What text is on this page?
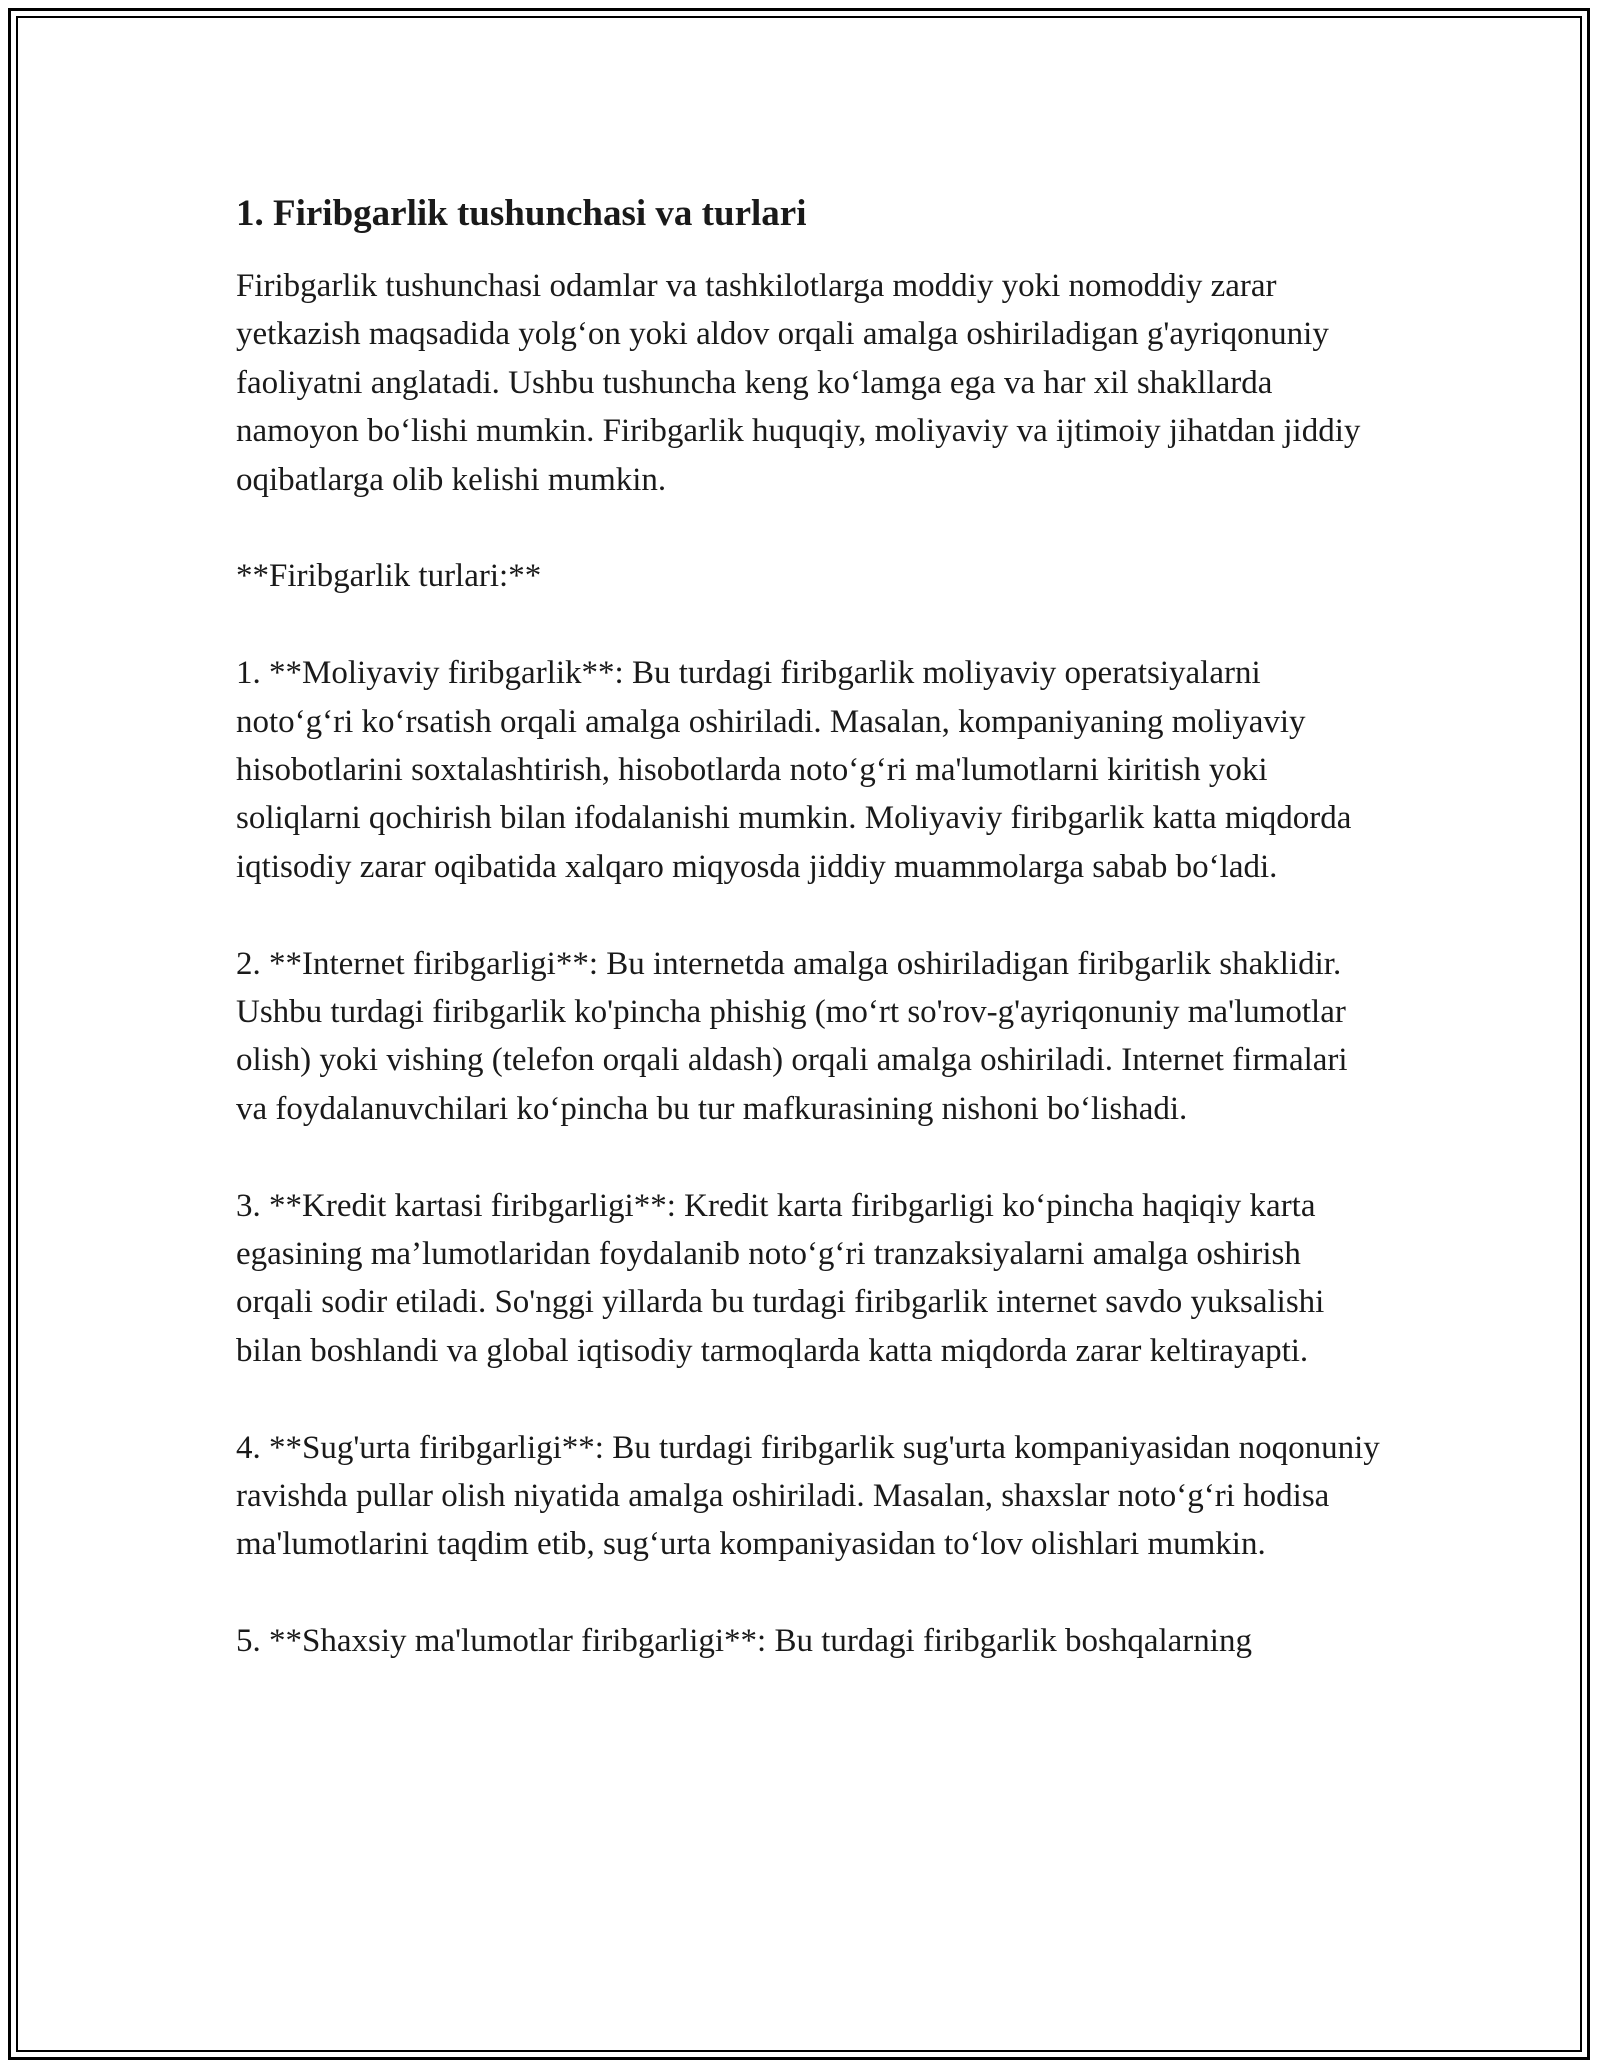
1. Firibgarlik tushunchasi va turlari

Firibgarlik tushunchasi odamlar va tashkilotlarga moddiy yoki nomoddiy zarar yetkazish maqsadida yolg‘on yoki aldov orqali amalga oshiriladigan g'ayriqonuniy faoliyatni anglatadi. Ushbu tushuncha keng ko‘lamga ega va har xil shakllarda namoyon bo‘lishi mumkin. Firibgarlik huquqiy, moliyaviy va ijtimoiy jihatdan jiddiy oqibatlarga olib kelishi mumkin.

**Firibgarlik turlari:**

1. **Moliyaviy firibgarlik**: Bu turdagi firibgarlik moliyaviy operatsiyalarni noto‘g‘ri ko‘rsatish orqali amalga oshiriladi. Masalan, kompaniyaning moliyaviy hisobotlarini soxtalashtirish, hisobotlarda noto‘g‘ri ma'lumotlarni kiritish yoki soliqlarni qochirish bilan ifodalanishi mumkin. Moliyaviy firibgarlik katta miqdorda iqtisodiy zarar oqibatida xalqaro miqyosda jiddiy muammolarga sabab bo‘ladi.

2. **Internet firibgarligi**: Bu internetda amalga oshiriladigan firibgarlik shaklidir. Ushbu turdagi firibgarlik ko'pincha phishig (mo‘rt so'rov-g'ayriqonuniy ma'lumotlar olish) yoki vishing (telefon orqali aldash) orqali amalga oshiriladi. Internet firmalari va foydalanuvchilari ko‘pincha bu tur mafkurasining nishoni bo‘lishadi.

3. **Kredit kartasi firibgarligi**: Kredit karta firibgarligi ko‘pincha haqiqiy karta egasining ma’lumotlaridan foydalanib noto‘g‘ri tranzaksiyalarni amalga oshirish orqali sodir etiladi. So'nggi yillarda bu turdagi firibgarlik internet savdo yuksalishi bilan boshlandi va global iqtisodiy tarmoqlarda katta miqdorda zarar keltirayapti.

4. **Sug'urta firibgarligi**: Bu turdagi firibgarlik sug'urta kompaniyasidan noqonuniy ravishda pullar olish niyatida amalga oshiriladi. Masalan, shaxslar noto‘g‘ri hodisa ma'lumotlarini taqdim etib, sug‘urta kompaniyasidan to‘lov olishlari mumkin.

5. **Shaxsiy ma'lumotlar firibgarligi**: Bu turdagi firibgarlik boshqalarning
